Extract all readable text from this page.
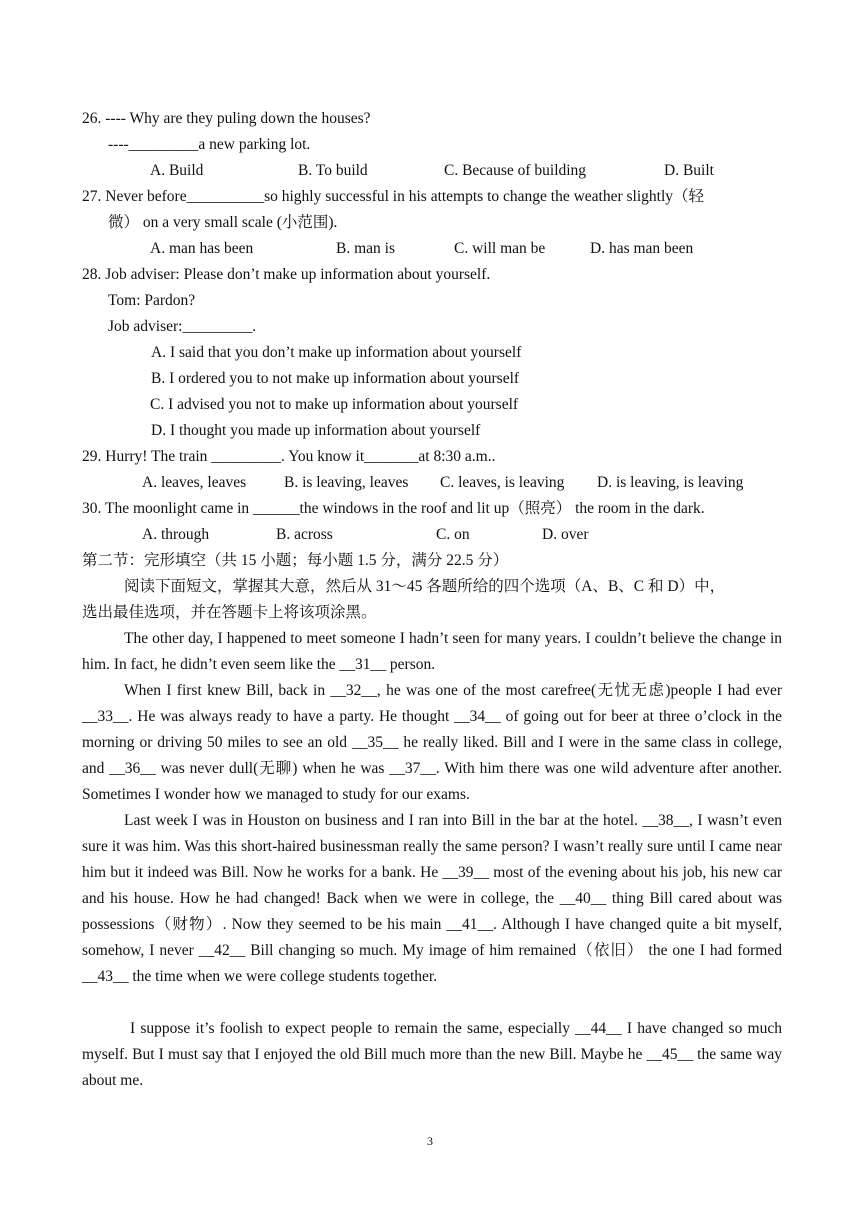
26. ---- Why are they puling down the houses?
----_________a new parking lot.
A. Build	B. To build	C. Because of building	D. Built
27. Never before__________so highly successful in his attempts to change the weather slightly（轻
微） on a very small scale (小范围).
A. man has been	B. man is	C. will man be	D. has man been
28. Job adviser: Please don’t make up information about yourself.
Tom: Pardon?
Job adviser:_________.
A. I said that you don’t make up information about yourself
B. I ordered you to not make up information about yourself
C. I advised you not to make up information about yourself
D. I thought you made up information about yourself
29. Hurry! The train _________. You know it_______at 8:30 a.m..
A. leaves, leaves B. is leaving, leaves C. leaves, is leaving D. is leaving, is leaving
30. The moonlight came in ______the windows in the roof and lit up（照亮） the room in the dark.
A. through	B. across	C. on	D. over
第二节：完形填空（共 15 小题；每小题 1.5 分，满分 22.5 分）
阅读下面短文，掌握其大意，然后从 31～45 各题所给的四个选项（A、B、C 和 D）中，
选出最佳选项，并在答题卡上将该项涂黑。
The other day, I happened to meet someone I hadn’t seen for many years. I couldn’t believe the change in him. In fact, he didn’t even seem like the __31__ person.
When I first knew Bill, back in __32__, he was one of the most carefree(无忧无虑)people I had ever __33__. He was always ready to have a party. He thought __34__ of going out for beer at three o’clock in the morning or driving 50 miles to see an old __35__ he really liked. Bill and I were in the same class in college, and __36__ was never dull(无聊) when he was __37__. With him there was one wild adventure after another. Sometimes I wonder how we managed to study for our exams.
Last week I was in Houston on business and I ran into Bill in the bar at the hotel. __38__, I wasn’t even sure it was him. Was this short-haired businessman really the same person? I wasn’t really sure until I came near him but it indeed was Bill. Now he works for a bank. He __39__ most of the evening about his job, his new car and his house. How he had changed! Back when we were in college, the __40__ thing Bill cared about was possessions（财物）. Now they seemed to be his main __41__. Although I have changed quite a bit myself, somehow, I never __42__ Bill changing so much. My image of him remained（依旧） the one I had formed __43__ the time when we were college students together.
I suppose it’s foolish to expect people to remain the same, especially __44__ I have changed so much myself. But I must say that I enjoyed the old Bill much more than the new Bill. Maybe he __45__ the same way about me.
3
